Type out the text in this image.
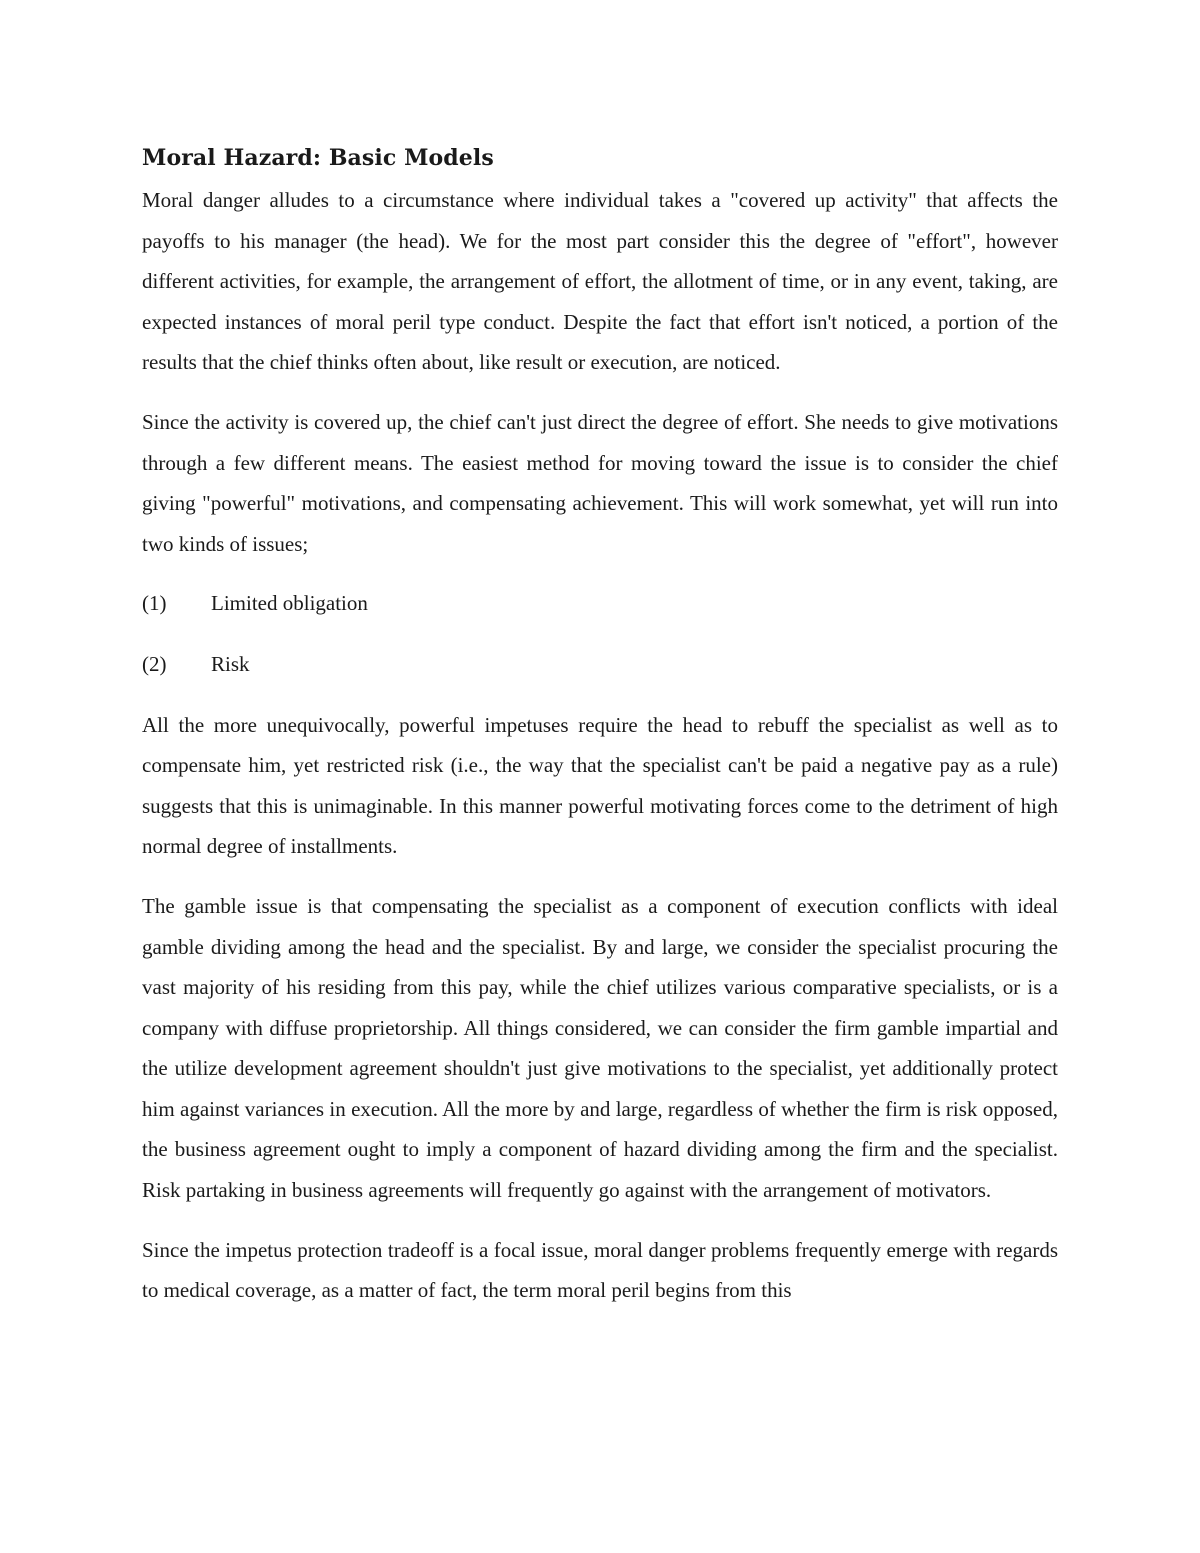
Moral Hazard: Basic Models

Moral danger alludes to a circumstance where individual takes a "covered up activity" that affects the payoffs to his manager (the head). We for the most part consider this the degree of "effort", however different activities, for example, the arrangement of effort, the allotment of time, or in any event, taking, are expected instances of moral peril type conduct. Despite the fact that effort isn't noticed, a portion of the results that the chief thinks often about, like result or execution, are noticed.

Since the activity is covered up, the chief can't just direct the degree of effort. She needs to give motivations through a few different means. The easiest method for moving toward the issue is to consider the chief giving "powerful" motivations, and compensating achievement. This will work somewhat, yet will run into two kinds of issues;

(1)	Limited obligation
(2)	Risk

All the more unequivocally, powerful impetuses require the head to rebuff the specialist as well as to compensate him, yet restricted risk (i.e., the way that the specialist can't be paid a negative pay as a rule) suggests that this is unimaginable. In this manner powerful motivating forces come to the detriment of high normal degree of installments.

The gamble issue is that compensating the specialist as a component of execution conflicts with ideal gamble dividing among the head and the specialist. By and large, we consider the specialist procuring the vast majority of his residing from this pay, while the chief utilizes various comparative specialists, or is a company with diffuse proprietorship. All things considered, we can consider the firm gamble impartial and the utilize development agreement shouldn't just give motivations to the specialist, yet additionally protect him against variances in execution. All the more by and large, regardless of whether the firm is risk opposed, the business agreement ought to imply a component of hazard dividing among the firm and the specialist. Risk partaking in business agreements will frequently go against with the arrangement of motivators.

Since the impetus protection tradeoff is a focal issue, moral danger problems frequently emerge with regards to medical coverage, as a matter of fact, the term moral peril begins from this
